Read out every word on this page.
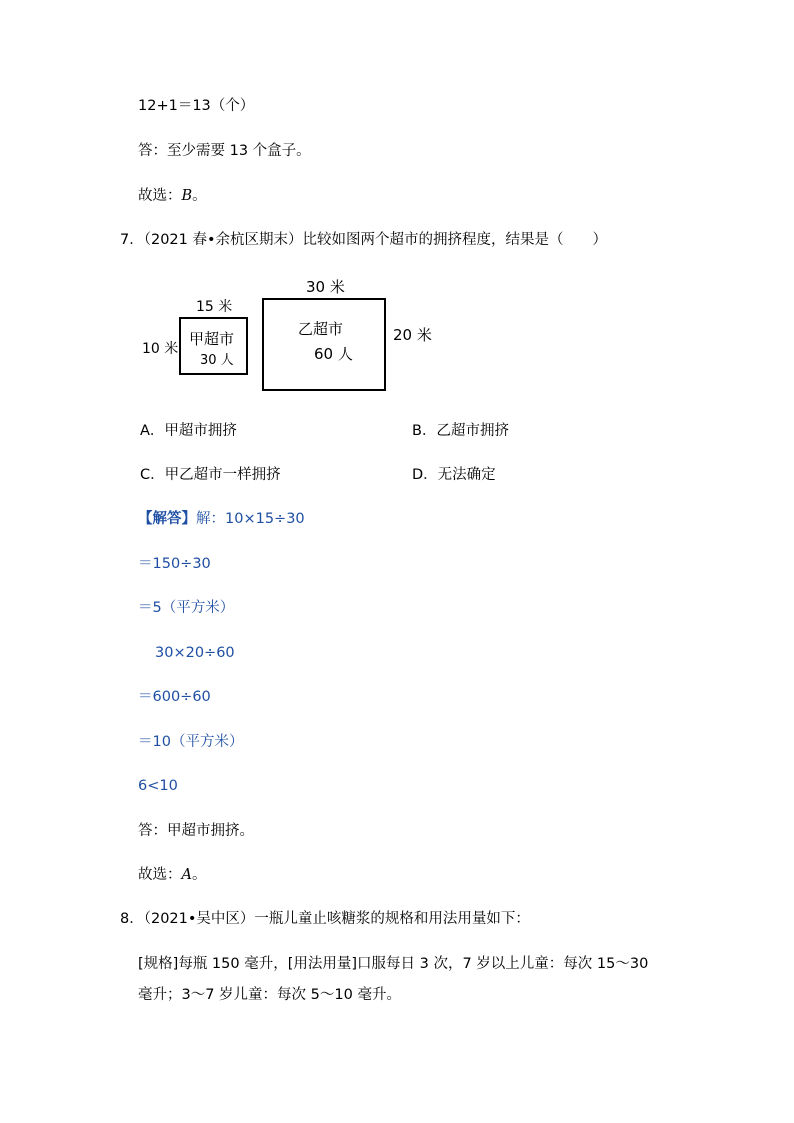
12+1＝13（个）
答：至少需要 13 个盒子。
故选：B。
7．（2021 春•余杭区期末）比较如图两个超市的拥挤程度，结果是（　　）
15 米
10 米
甲超市
30 人
30 米
20 米
乙超市
60 人
A．甲超市拥挤	B．乙超市拥挤
C．甲乙超市一样拥挤	D．无法确定
【解答】解：10×15÷30
＝150÷30
＝5（平方米）
30×20÷60
＝600÷60
＝10（平方米）
6<10
答：甲超市拥挤。
故选：A。
8．（2021•吴中区）一瓶儿童止咳糖浆的规格和用法用量如下：
[规格]每瓶 150 毫升，[用法用量]口服每日 3 次，7 岁以上儿童：每次 15～30
毫升；3～7 岁儿童：每次 5～10 毫升。
